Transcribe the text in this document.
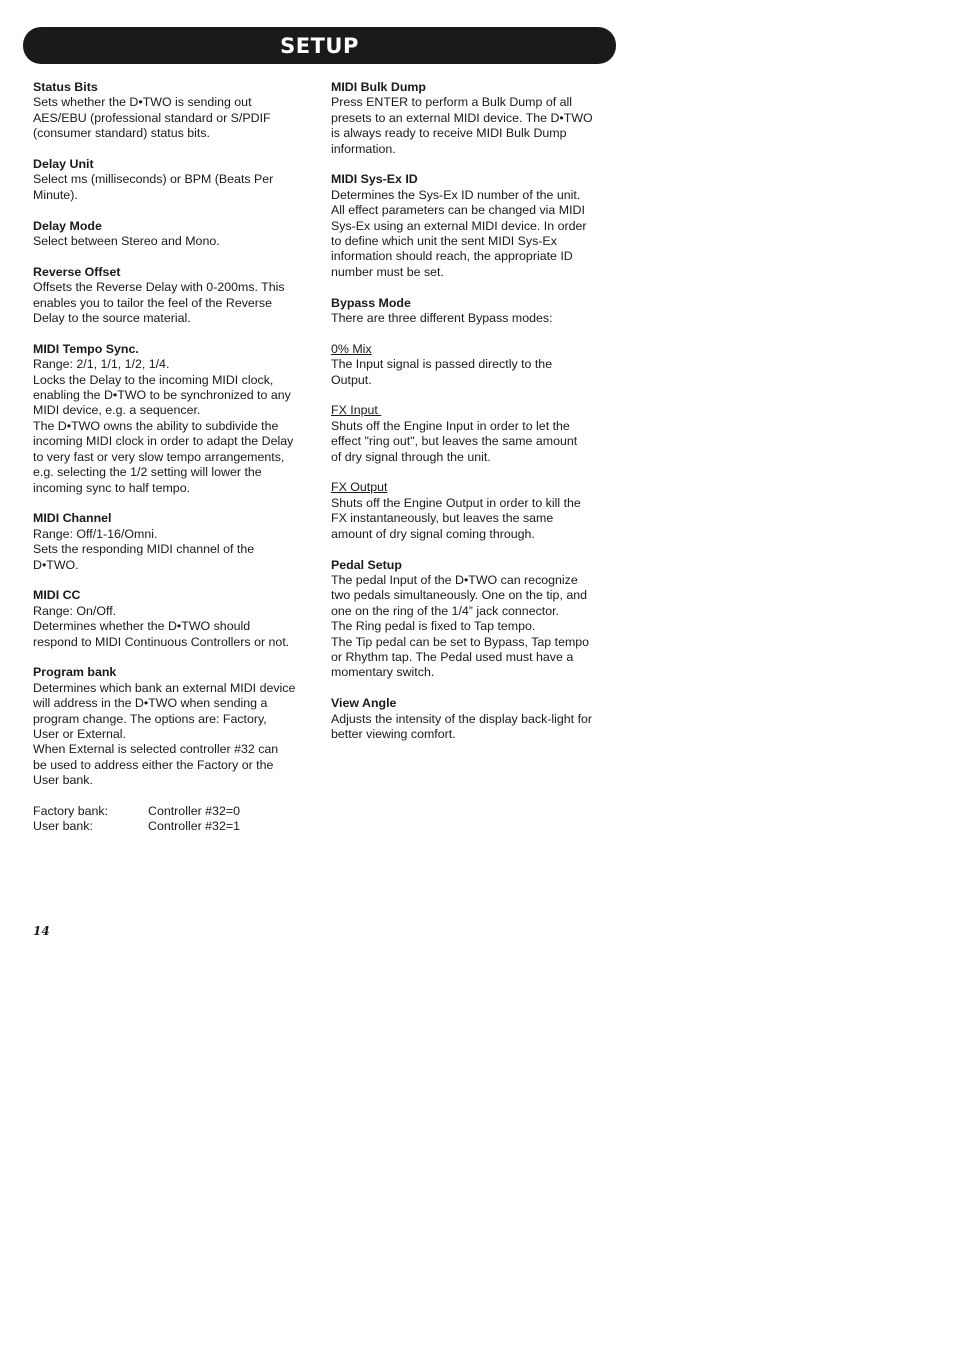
SETUP
Status Bits
Sets whether the D•TWO is sending out
AES/EBU (professional standard or S/PDIF
(consumer standard) status bits.
Delay Unit
Select ms (milliseconds) or BPM (Beats Per
Minute).
Delay Mode
Select between Stereo and Mono.
Reverse Offset
Offsets the Reverse Delay with 0-200ms. This
enables you to tailor the feel of the Reverse
Delay to the source material.
MIDI Tempo Sync.
Range: 2/1, 1/1, 1/2, 1/4.
Locks the Delay to the incoming MIDI clock,
enabling the D•TWO to be synchronized to any
MIDI device, e.g. a sequencer.
The D•TWO owns the ability to subdivide the
incoming MIDI clock in order to adapt the Delay
to very fast or very slow tempo arrangements,
e.g. selecting the 1/2 setting will lower the
incoming sync to half tempo.
MIDI Channel
Range: Off/1-16/Omni.
Sets the responding MIDI channel of the
D•TWO.
MIDI CC
Range: On/Off.
Determines whether the D•TWO should
respond to MIDI Continuous Controllers or not.
Program bank
Determines which bank an external MIDI device
will address in the D•TWO when sending a
program change. The options are: Factory,
User or External.
When External is selected controller #32 can
be used to address either the Factory or the
User bank.
Factory bank:	Controller #32=0
User bank:	Controller #32=1
MIDI Bulk Dump
Press ENTER to perform a Bulk Dump of all
presets to an external MIDI device. The D•TWO
is always ready to receive MIDI Bulk Dump
information.
MIDI Sys-Ex ID
Determines the Sys-Ex ID number of the unit.
All effect parameters can be changed via MIDI
Sys-Ex using an external MIDI device. In order
to define which unit the sent MIDI Sys-Ex
information should reach, the appropriate ID
number must be set.
Bypass Mode
There are three different Bypass modes:
0% Mix
The Input signal is passed directly to the
Output.
FX Input
Shuts off the Engine Input in order to let the
effect "ring out", but leaves the same amount
of dry signal through the unit.
FX Output
Shuts off the Engine Output in order to kill the
FX instantaneously, but leaves the same
amount of dry signal coming through.
Pedal Setup
The pedal Input of the D•TWO can recognize
two pedals simultaneously. One on the tip, and
one on the ring of the 1/4” jack connector.
The Ring pedal is fixed to Tap tempo.
The Tip pedal can be set to Bypass, Tap tempo
or Rhythm tap. The Pedal used must have a
momentary switch.
View Angle
Adjusts the intensity of the display back-light for
better viewing comfort.
14
